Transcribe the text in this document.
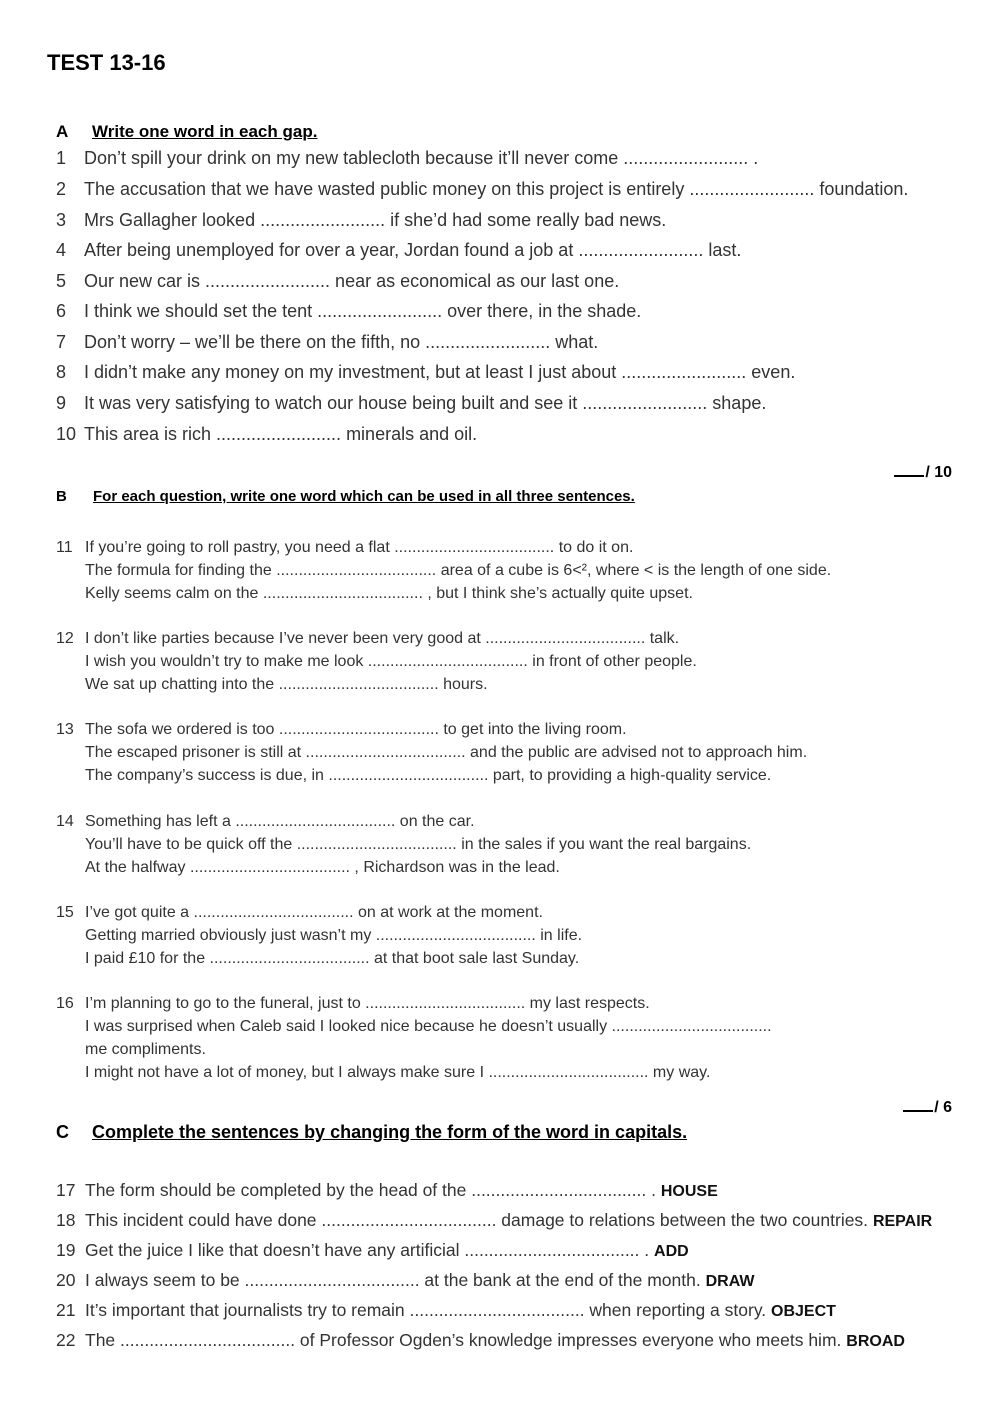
TEST 13-16
A Write one word in each gap.
1 Don’t spill your drink on my new tablecloth because it’ll never come ......................... .
2 The accusation that we have wasted public money on this project is entirely ......................... foundation.
3 Mrs Gallagher looked ......................... if she’d had some really bad news.
4 After being unemployed for over a year, Jordan found a job at ......................... last.
5 Our new car is ......................... near as economical as our last one.
6 I think we should set the tent ......................... over there, in the shade.
7 Don’t worry – we’ll be there on the fifth, no ......................... what.
8 I didn’t make any money on my investment, but at least I just about ......................... even.
9 It was very satisfying to watch our house being built and see it ......................... shape.
10 This area is rich ......................... minerals and oil.
/ 10
B For each question, write one word which can be used in all three sentences.
11 If you’re going to roll pastry, you need a flat .................................... to do it on.
The formula for finding the .................................... area of a cube is 6<², where < is the length of one side.
Kelly seems calm on the .................................... , but I think she’s actually quite upset.
12 I don’t like parties because I’ve never been very good at .................................... talk.
I wish you wouldn’t try to make me look .................................... in front of other people.
We sat up chatting into the .................................... hours.
13 The sofa we ordered is too .................................... to get into the living room.
The escaped prisoner is still at .................................... and the public are advised not to approach him.
The company’s success is due, in .................................... part, to providing a high-quality service.
14 Something has left a .................................... on the car.
You’ll have to be quick off the .................................... in the sales if you want the real bargains.
At the halfway .................................... , Richardson was in the lead.
15 I’ve got quite a .................................... on at work at the moment.
Getting married obviously just wasn’t my .................................... in life.
I paid £10 for the .................................... at that boot sale last Sunday.
16 I’m planning to go to the funeral, just to .................................... my last respects.
I was surprised when Caleb said I looked nice because he doesn’t usually ....................................
me compliments.
I might not have a lot of money, but I always make sure I .................................... my way.
/ 6
C Complete the sentences by changing the form of the word in capitals.
17 The form should be completed by the head of the .................................... . HOUSE
18 This incident could have done .................................... damage to relations between the two countries. REPAIR
19 Get the juice I like that doesn’t have any artificial .................................... . ADD
20 I always seem to be .................................... at the bank at the end of the month. DRAW
21 It’s important that journalists try to remain .................................... when reporting a story. OBJECT
22 The .................................... of Professor Ogden’s knowledge impresses everyone who meets him. BROAD
